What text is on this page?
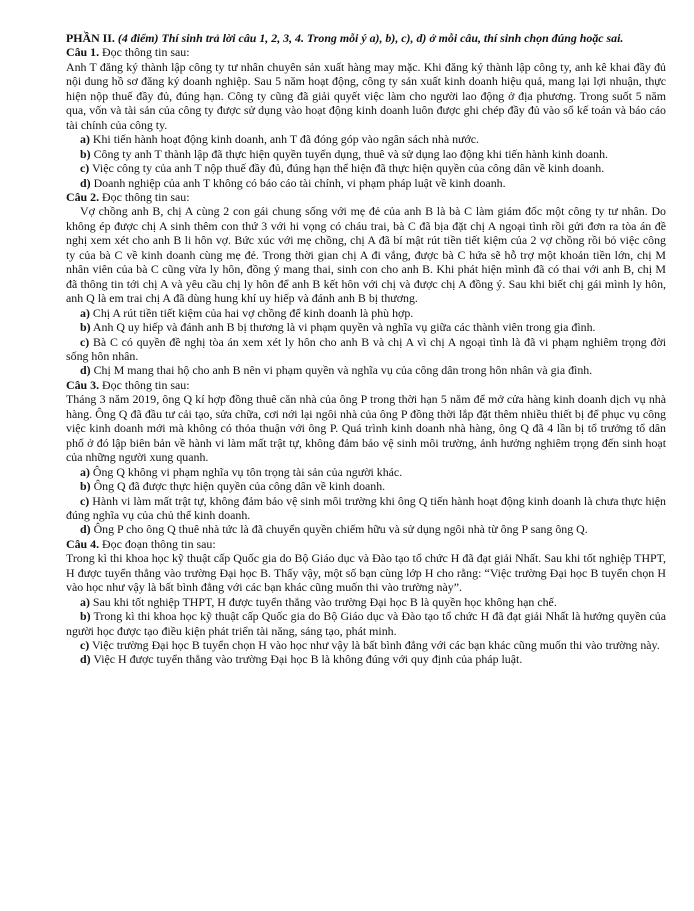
PHẦN II. (4 điểm) Thí sinh trả lời câu 1, 2, 3, 4. Trong mỗi ý a), b), c), d) ở mỗi câu, thí sinh chọn đúng hoặc sai.

Câu 1. Đọc thông tin sau:

Anh T đăng ký thành lập công ty tư nhân chuyên sản xuất hàng may mặc. Khi đăng ký thành lập công ty, anh kê khai đầy đủ nội dung hồ sơ đăng ký doanh nghiệp. Sau 5 năm hoạt động, công ty sản xuất kinh doanh hiệu quả, mang lại lợi nhuận, thực hiện nộp thuế đầy đủ, đúng hạn. Công ty cũng đã giải quyết việc làm cho người lao động ở địa phương. Trong suốt 5 năm qua, vốn và tài sản của công ty được sử dụng vào hoạt động kinh doanh luôn được ghi chép đầy đủ vào sổ kế toán và báo cáo tài chính của công ty.

a) Khi tiến hành hoạt động kinh doanh, anh T đã đóng góp vào ngân sách nhà nước.

b) Công ty anh T thành lập đã thực hiện quyền tuyển dụng, thuê và sử dụng lao động khi tiến hành kinh doanh.

c) Việc công ty của anh T nộp thuế đầy đủ, đúng hạn thể hiện đã thực hiện quyền của công dân về kinh doanh.

d) Doanh nghiệp của anh T không có báo cáo tài chính, vi phạm pháp luật về kinh doanh.

Câu 2. Đọc thông tin sau:

Vợ chồng anh B, chị A cùng 2 con gái chung sống với mẹ đẻ của anh B là bà C làm giám đốc một công ty tư nhân. Do không ép được chị A sinh thêm con thứ 3 với hi vọng có cháu trai, bà C đã bịa đặt chị A ngoại tình rồi gửi đơn ra tòa án đề nghị xem xét cho anh B li hôn vợ. Bức xúc với mẹ chồng, chị A đã bí mật rút tiền tiết kiệm của 2 vợ chồng rồi bỏ việc công ty của bà C về kinh doanh cùng mẹ đẻ. Trong thời gian chị A đi vắng, được bà C hứa sẽ hỗ trợ một khoản tiền lớn, chị M nhân viên của bà C cũng vừa ly hôn, đồng ý mang thai, sinh con cho anh B. Khi phát hiện mình đã có thai với anh B, chị M đã thông tin tới chị A và yêu cầu chị ly hôn để anh B kết hôn với chị và được chị A đồng ý. Sau khi biết chị gái mình ly hôn, anh Q là em trai chị A đã dùng hung khí uy hiếp và đánh anh B bị thương.

a) Chị A rút tiền tiết kiệm của hai vợ chồng để kinh doanh là phù hợp.

b) Anh Q uy hiếp và đánh anh B bị thương là vi phạm quyền và nghĩa vụ giữa các thành viên trong gia đình.

c) Bà C có quyền đề nghị tòa án xem xét ly hôn cho anh B và chị A vì chị A ngoại tình là đã vi phạm nghiêm trọng đời sống hôn nhân.

d) Chị M mang thai hộ cho anh B nên vi phạm quyền và nghĩa vụ của công dân trong hôn nhân và gia đình.

Câu 3. Đọc thông tin sau:

Tháng 3 năm 2019, ông Q kí hợp đồng thuê căn nhà của ông P trong thời hạn 5 năm để mở cửa hàng kinh doanh dịch vụ nhà hàng. Ông Q đã đầu tư cải tạo, sửa chữa, cơi nới lại ngôi nhà của ông P đồng thời lắp đặt thêm nhiều thiết bị để phục vụ công việc kinh doanh mới mà không có thỏa thuận với ông P. Quá trình kinh doanh nhà hàng, ông Q đã 4 lần bị tổ trưởng tổ dân phố ở đó lập biên bản về hành vi làm mất trật tự, không đảm bảo vệ sinh môi trường, ảnh hưởng nghiêm trọng đến sinh hoạt của những người xung quanh.

a) Ông Q không vi phạm nghĩa vụ tôn trọng tài sản của người khác.

b) Ông Q đã được thực hiện quyền của công dân về kinh doanh.

c) Hành vi làm mất trật tự, không đảm bảo vệ sinh môi trường khi ông Q tiến hành hoạt động kinh doanh là chưa thực hiện đúng nghĩa vụ của chủ thể kinh doanh.

d) Ông P cho ông Q thuê nhà tức là đã chuyển quyền chiếm hữu và sử dụng ngôi nhà từ ông P sang ông Q.

Câu 4. Đọc đoạn thông tin sau:

Trong kì thi khoa học kỹ thuật cấp Quốc gia do Bộ Giáo dục và Đào tạo tổ chức H đã đạt giải Nhất. Sau khi tốt nghiệp THPT, H được tuyển thẳng vào trường Đại học B. Thấy vậy, một số bạn cùng lớp H cho rằng: “Việc trường Đại học B tuyển chọn H vào học như vậy là bất bình đẳng với các bạn khác cũng muốn thi vào trường này”.

a) Sau khi tốt nghiệp THPT, H được tuyển thẳng vào trường Đại học B là quyền học không hạn chế.

b) Trong kì thi khoa học kỹ thuật cấp Quốc gia do Bộ Giáo dục và Đào tạo tổ chức H đã đạt giải Nhất là hướng quyền của người học được tạo điều kiện phát triển tài năng, sáng tạo, phát minh.

c) Việc trường Đại học B tuyển chọn H vào học như vậy là bất bình đẳng với các bạn khác cũng muốn thi vào trường này.

d) Việc H được tuyển thẳng vào trường Đại học B là không đúng với quy định của pháp luật.
